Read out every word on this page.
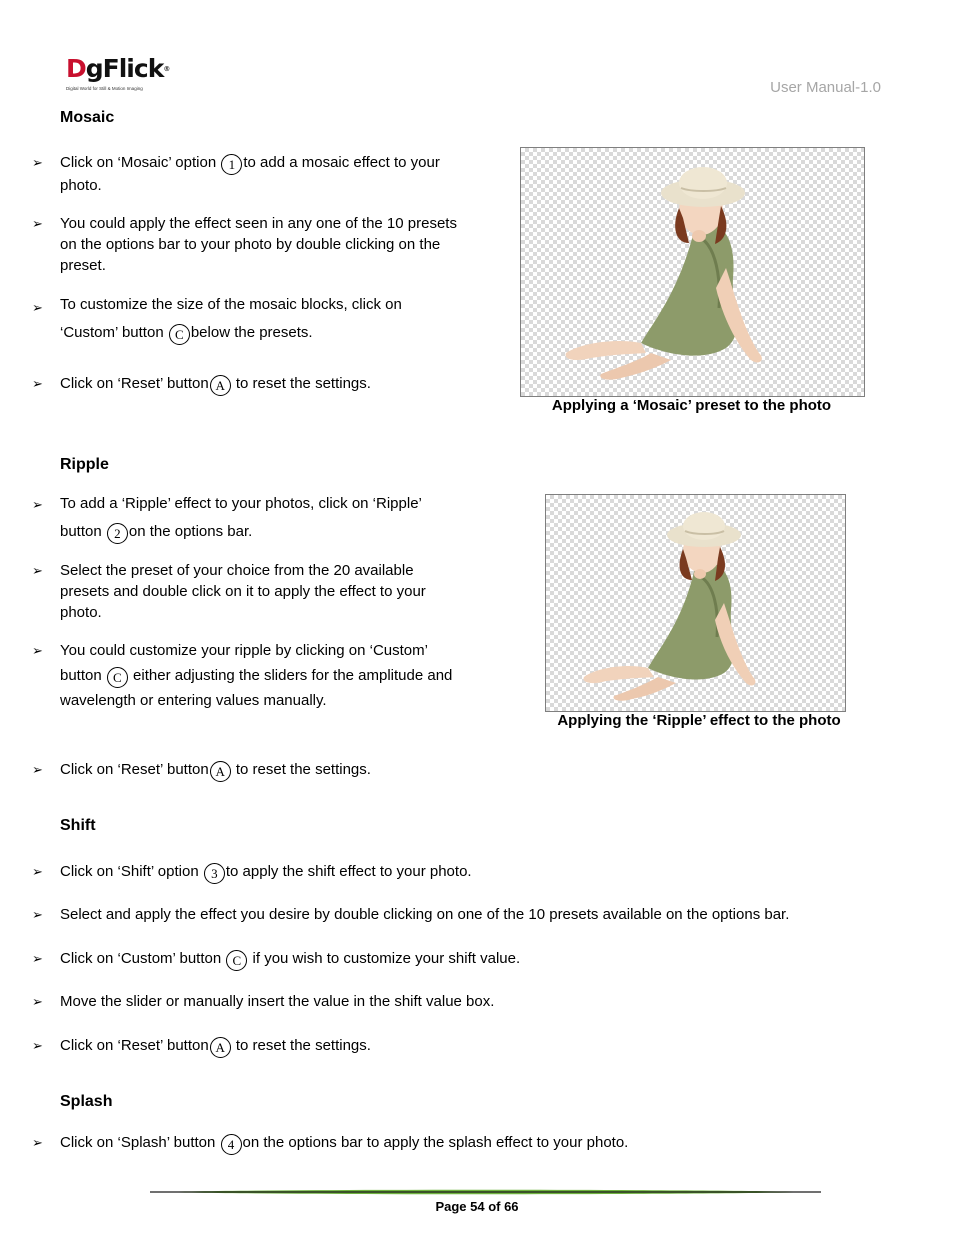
DgFlick®
Digital World for Still & Motion Imaging	User Manual-1.0
Mosaic
➢ Click on ‘Mosaic’ option 1 to add a mosaic effect to your photo.
➢ You could apply the effect seen in any one of the 10 presets on the options bar to your photo by double clicking on the preset.
➢ To customize the size of the mosaic blocks, click on ‘Custom’ button C below the presets.
➢ Click on ‘Reset’ button A to reset the settings.
Applying a ‘Mosaic’ preset to the photo
Ripple
➢ To add a ‘Ripple’ effect to your photos, click on ‘Ripple’ button 2 on the options bar.
➢ Select the preset of your choice from the 20 available presets and double click on it to apply the effect to your photo.
➢ You could customize your ripple by clicking on ‘Custom’ button C either adjusting the sliders for the amplitude and wavelength or entering values manually.
➢ Click on ‘Reset’ button A to reset the settings.
Applying the ‘Ripple’ effect to the photo
Shift
➢ Click on ‘Shift’ option 3 to apply the shift effect to your photo.
➢ Select and apply the effect you desire by double clicking on one of the 10 presets available on the options bar.
➢ Click on ‘Custom’ button C if you wish to customize your shift value.
➢ Move the slider or manually insert the value in the shift value box.
➢ Click on ‘Reset’ button A to reset the settings.
Splash
➢ Click on ‘Splash’ button 4 on the options bar to apply the splash effect to your photo.
Page 54 of 66
